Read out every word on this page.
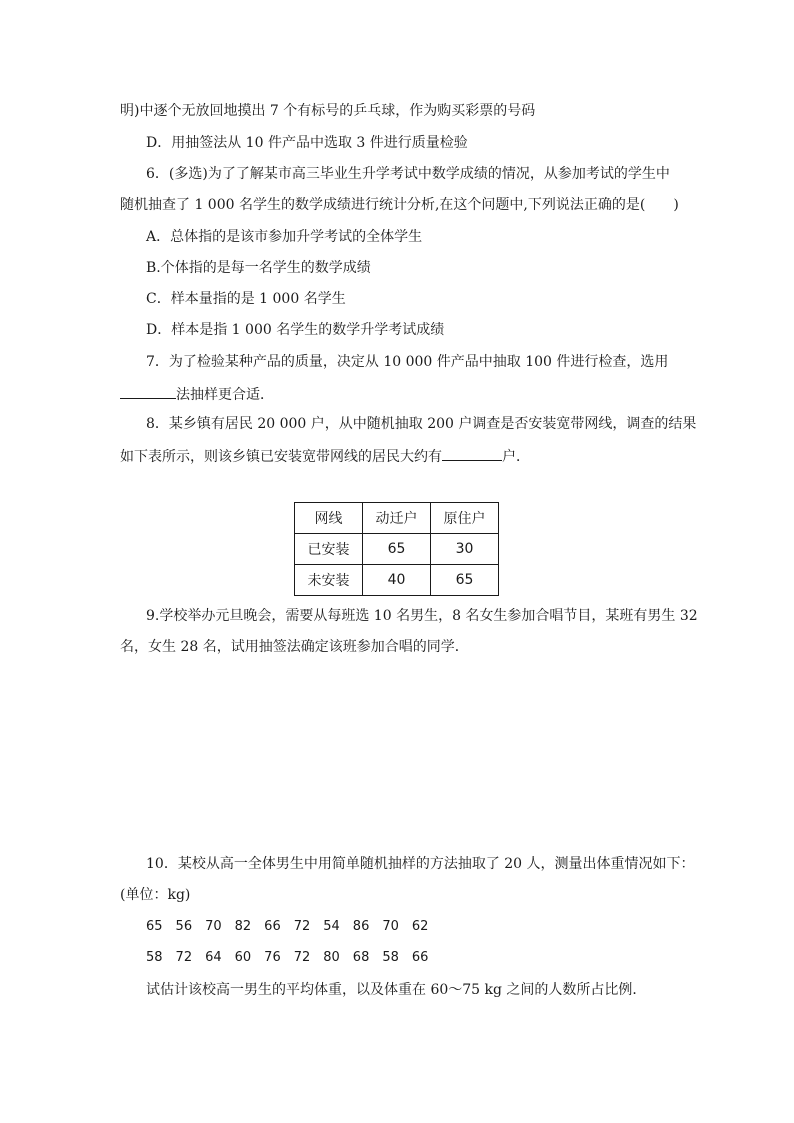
明)中逐个无放回地摸出 7 个有标号的乒乓球，作为购买彩票的号码
D．用抽签法从 10 件产品中选取 3 件进行质量检验
6．(多选)为了了解某市高三毕业生升学考试中数学成绩的情况，从参加考试的学生中
随机抽查了 1 000 名学生的数学成绩进行统计分析,在这个问题中,下列说法正确的是(　　)
A．总体指的是该市参加升学考试的全体学生
B.个体指的是每一名学生的数学成绩
C．样本量指的是 1 000 名学生
D．样本是指 1 000 名学生的数学升学考试成绩
7．为了检验某种产品的质量，决定从 10 000 件产品中抽取 100 件进行检查，选用
法抽样更合适．
8．某乡镇有居民 20 000 户，从中随机抽取 200 户调查是否安装宽带网线，调查的结果
如下表所示，则该乡镇已安装宽带网线的居民大约有	户．
网线	动迁户	原住户
已安装	65	30
未安装	40	65
9.学校举办元旦晚会，需要从每班选 10 名男生，8 名女生参加合唱节目，某班有男生 32
名，女生 28 名，试用抽签法确定该班参加合唱的同学．
10．某校从高一全体男生中用简单随机抽样的方法抽取了 20 人，测量出体重情况如下：
(单位：kg)
65　56　70　82　66　72　54　86　70　62
58　72　64　60　76　72　80　68　58　66
试估计该校高一男生的平均体重，以及体重在 60～75 kg 之间的人数所占比例．
